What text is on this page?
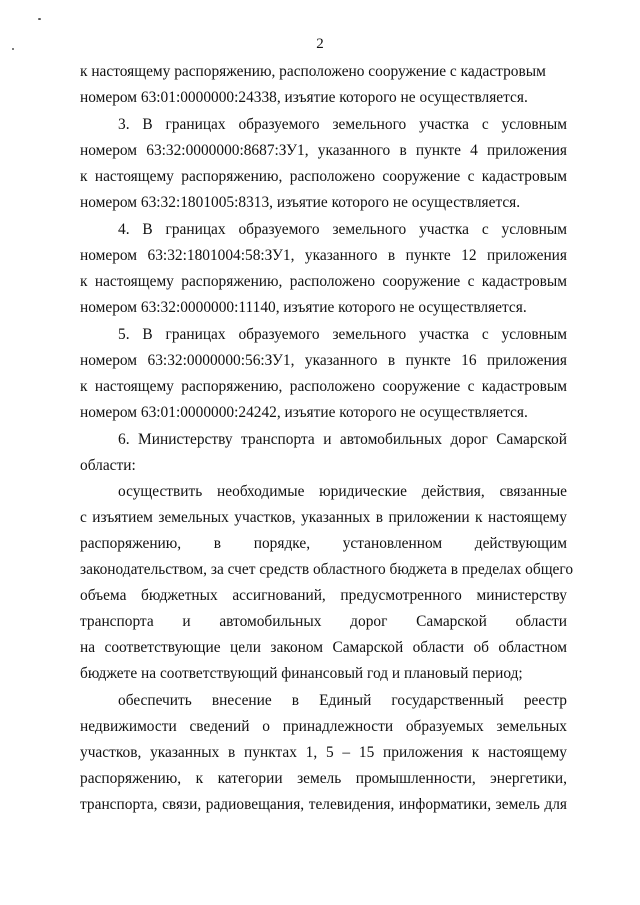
2
к настоящему распоряжению, расположено сооружение с кадастровым
номером 63:01:0000000:24338, изъятие которого не осуществляется.
3. В границах образуемого земельного участка с условным
номером 63:32:0000000:8687:ЗУ1, указанного в пункте 4 приложения
к настоящему распоряжению, расположено сооружение с кадастровым
номером 63:32:1801005:8313, изъятие которого не осуществляется.
4. В границах образуемого земельного участка с условным
номером 63:32:1801004:58:ЗУ1, указанного в пункте 12 приложения
к настоящему распоряжению, расположено сооружение с кадастровым
номером 63:32:0000000:11140, изъятие которого не осуществляется.
5. В границах образуемого земельного участка с условным
номером 63:32:0000000:56:ЗУ1, указанного в пункте 16 приложения
к настоящему распоряжению, расположено сооружение с кадастровым
номером 63:01:0000000:24242, изъятие которого не осуществляется.
6. Министерству транспорта и автомобильных дорог Самарской
области:
осуществить необходимые юридические действия, связанные
с изъятием земельных участков, указанных в приложении к настоящему
распоряжению, в порядке, установленном действующим
законодательством, за счет средств областного бюджета в пределах общего
объема бюджетных ассигнований, предусмотренного министерству
транспорта и автомобильных дорог Самарской области
на соответствующие цели законом Самарской области об областном
бюджете на соответствующий финансовый год и плановый период;
обеспечить внесение в Единый государственный реестр
недвижимости сведений о принадлежности образуемых земельных
участков, указанных в пунктах 1, 5 – 15 приложения к настоящему
распоряжению, к категории земель промышленности, энергетики,
транспорта, связи, радиовещания, телевидения, информатики, земель для
